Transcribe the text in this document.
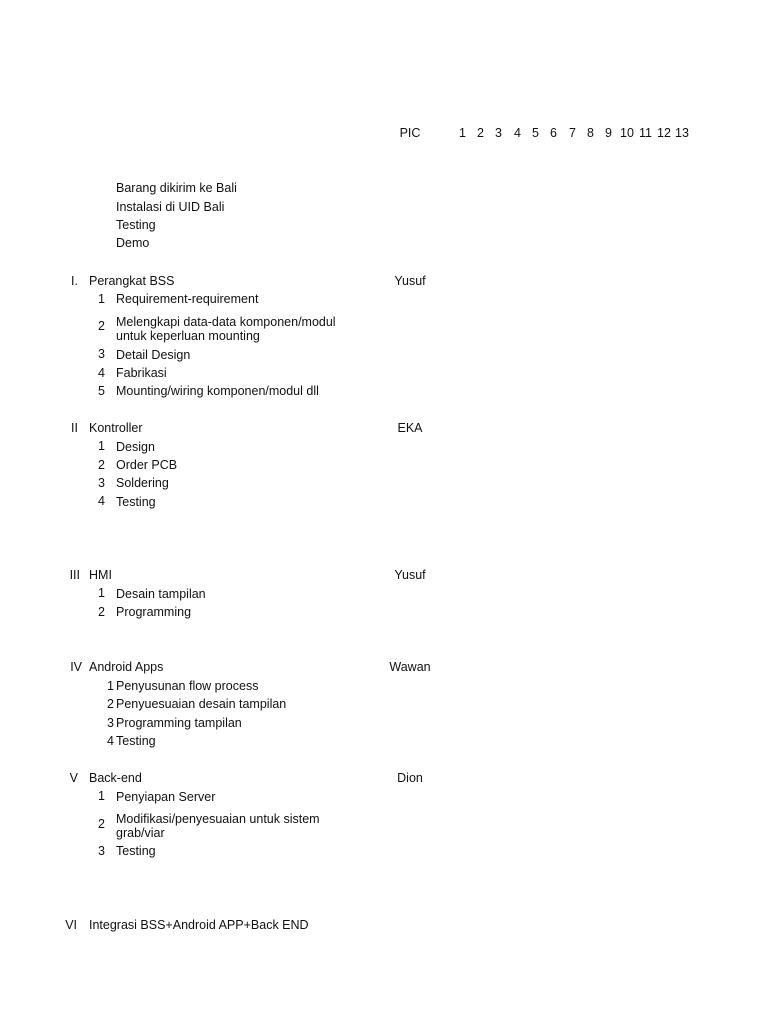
PIC	1 2 3 4 5 6 7 8 9 10 11 12 13
Barang dikirim ke Bali
Instalasi di UID Bali
Testing
Demo
I. Perangkat BSS	Yusuf
1 Requirement-requirement
2 Melengkapi data-data komponen/modul untuk keperluan mounting
3 Detail Design
4 Fabrikasi
5 Mounting/wiring komponen/modul dll
II Kontroller	EKA
1 Design
2 Order PCB
3 Soldering
4 Testing
III HMI	Yusuf
1 Desain tampilan
2 Programming
IV Android Apps	Wawan
1 Penyusunan flow process
2 Penyuesuaian desain tampilan
3 Programming tampilan
4 Testing
V Back-end	Dion
1 Penyiapan Server
2 Modifikasi/penyesuaian untuk sistem grab/viar
3 Testing
VI Integrasi BSS+Android APP+Back END
